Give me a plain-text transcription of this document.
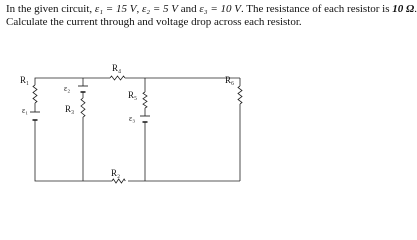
In the given circuit, ε₁ = 15 V, ε₂ = 5 V and ε₃ = 10 V. The resistance of each resistor is 10 Ω.

Calculate the current through and voltage drop across each resistor.

R₁
R₄
R₅
R₆
R₃
R₂
ε₁
ε₂
ε₃
